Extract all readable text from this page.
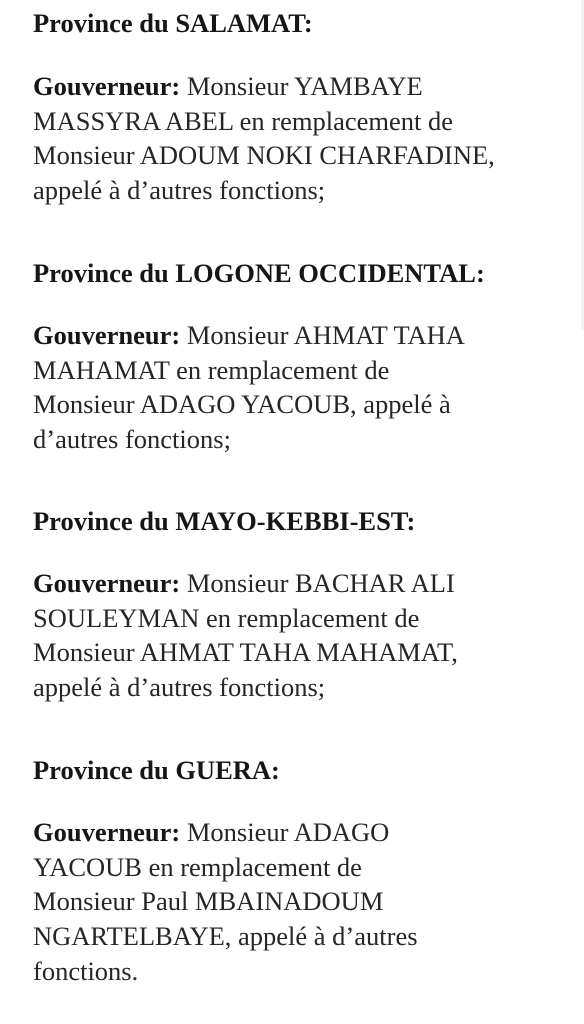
Province du SALAMAT:

Gouverneur: Monsieur YAMBAYE
MASSYRA ABEL en remplacement de
Monsieur ADOUM NOKI CHARFADINE,
appelé à d’autres fonctions;

Province du LOGONE OCCIDENTAL:

Gouverneur: Monsieur AHMAT TAHA
MAHAMAT en remplacement de
Monsieur ADAGO YACOUB, appelé à
d’autres fonctions;

Province du MAYO-KEBBI-EST:

Gouverneur: Monsieur BACHAR ALI
SOULEYMAN en remplacement de
Monsieur AHMAT TAHA MAHAMAT,
appelé à d’autres fonctions;

Province du GUERA:

Gouverneur: Monsieur ADAGO
YACOUB en remplacement de
Monsieur Paul MBAINADOUM
NGARTELBAYE, appelé à d’autres
fonctions.
